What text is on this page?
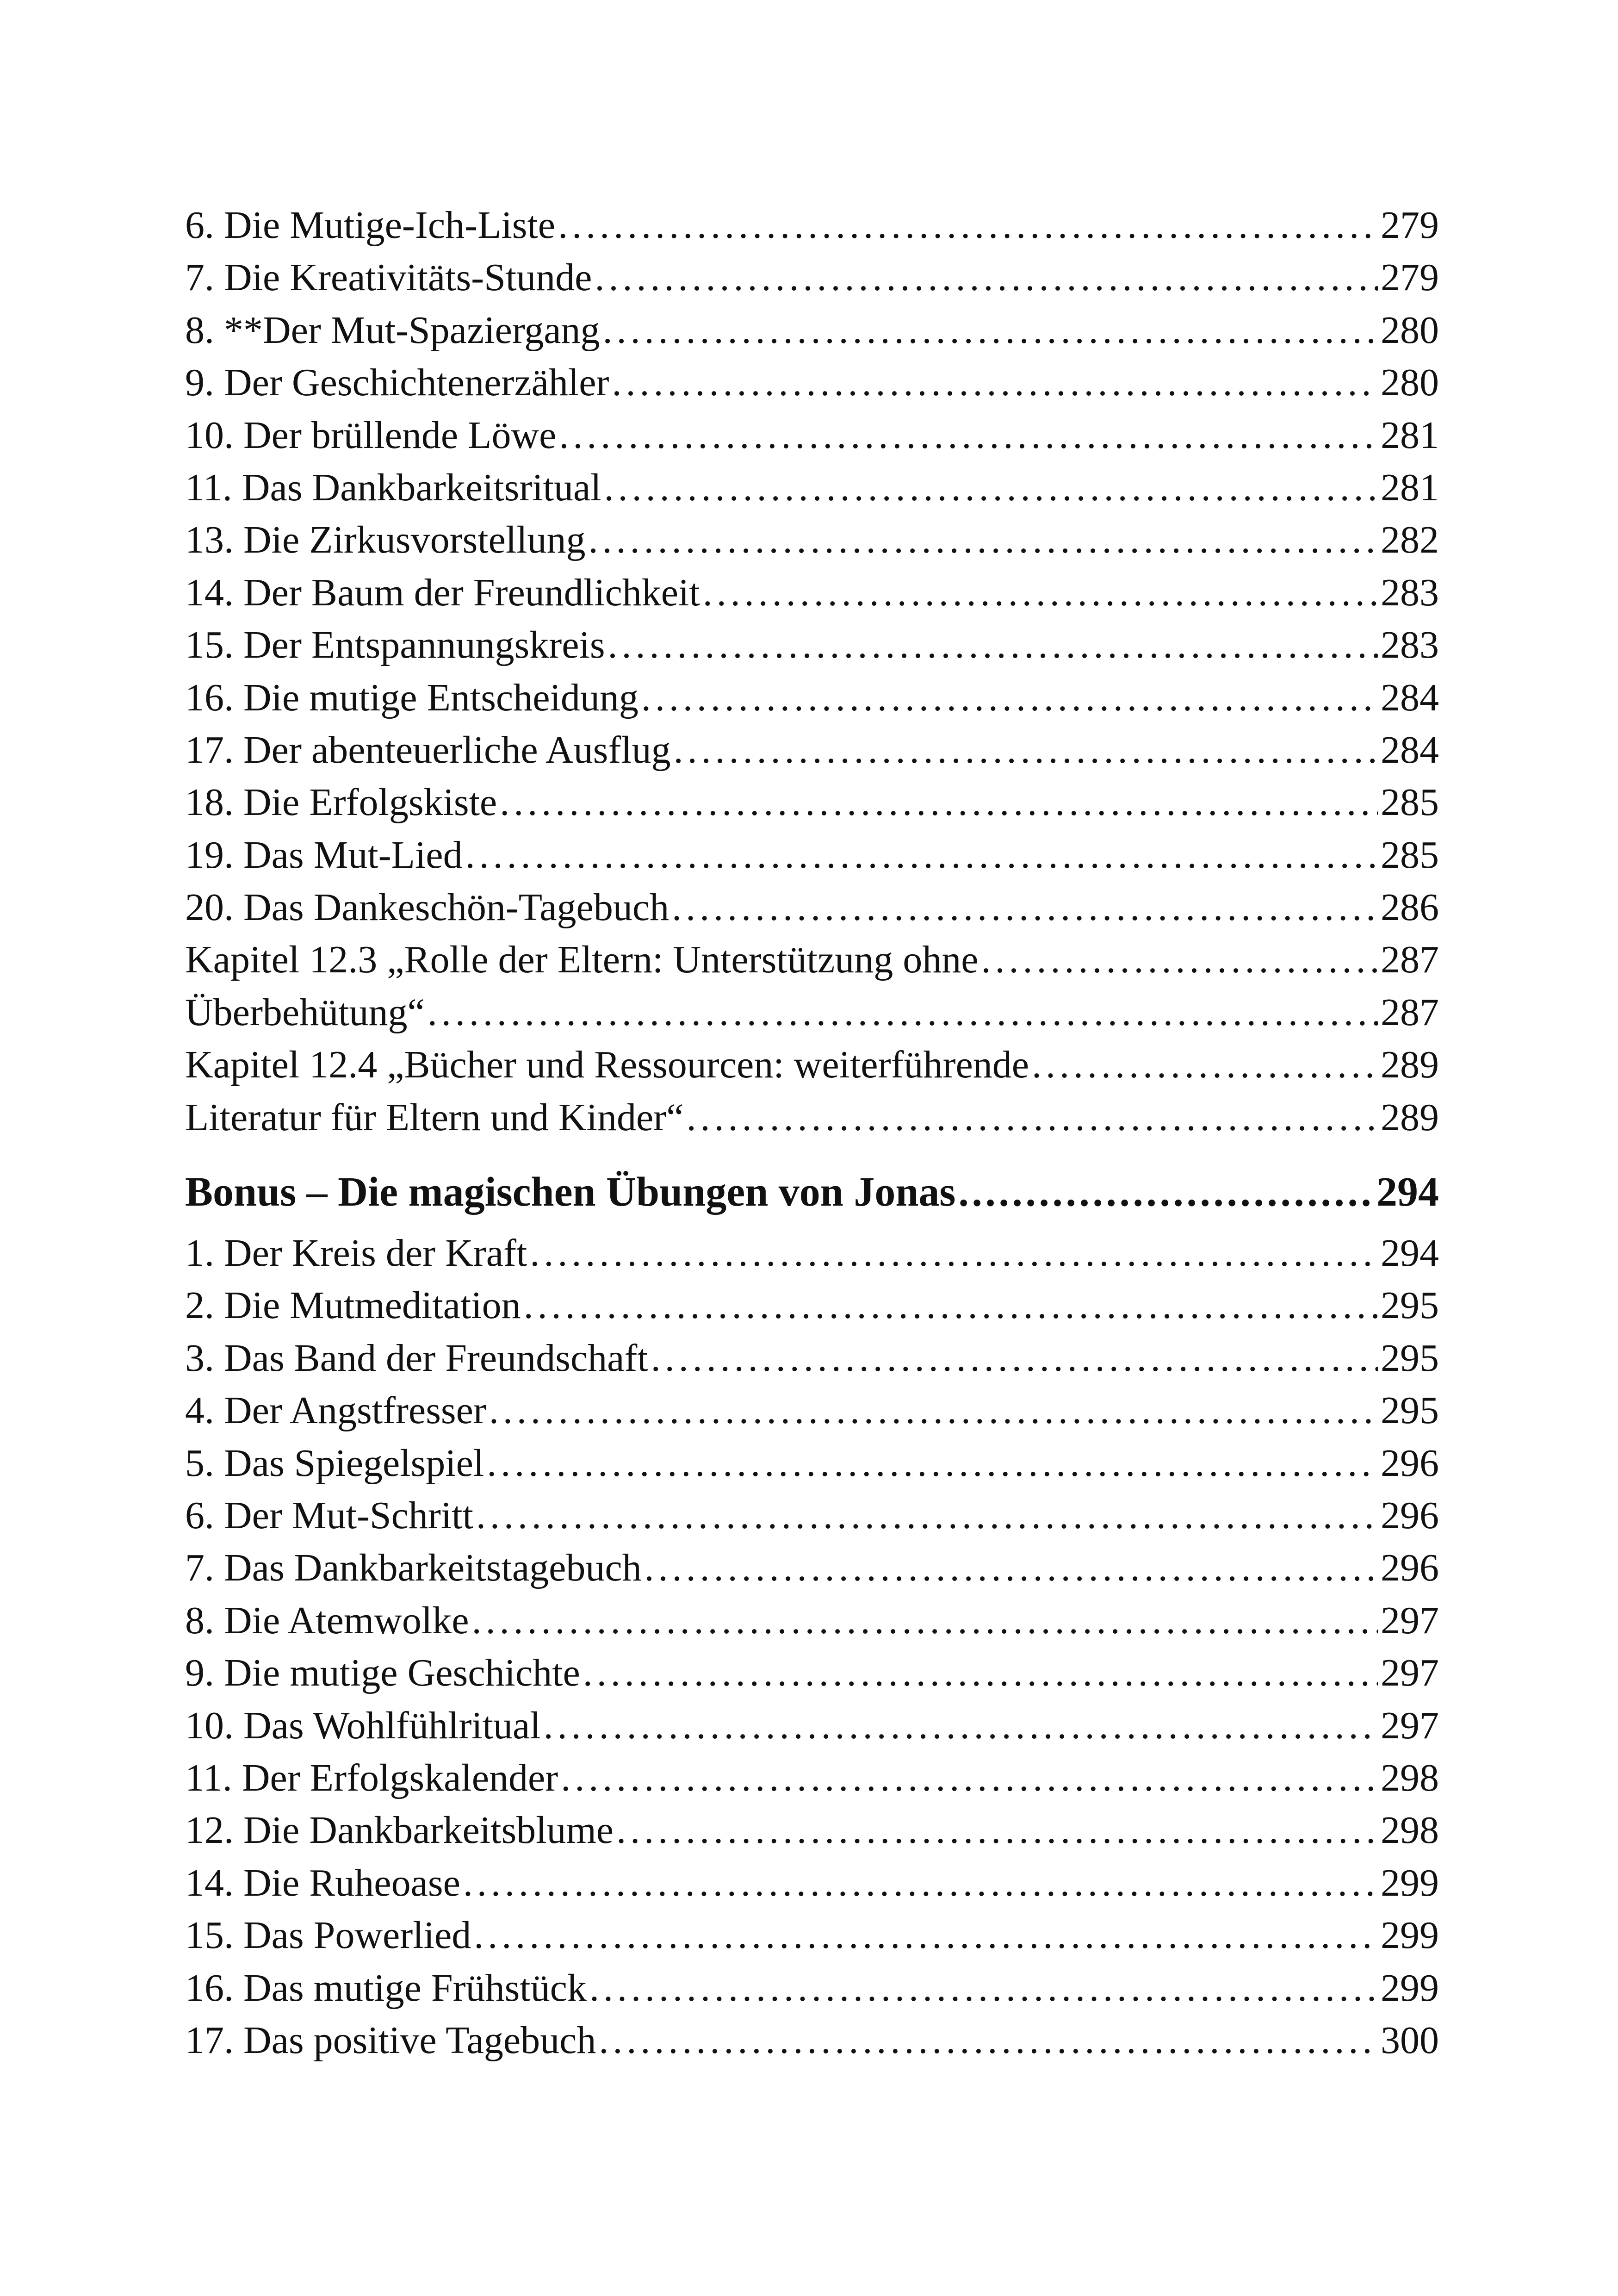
6. Die Mutige-Ich-Liste . . .	279
7. Die Kreativitäts-Stunde . . .	279
8. **Der Mut-Spaziergang . . .	280
9. Der Geschichtenerzähler . . .	280
10. Der brüllende Löwe . . .	281
11. Das Dankbarkeitsritual . . .	281
13. Die Zirkusvorstellung . . .	282
14. Der Baum der Freundlichkeit . . .	283
15. Der Entspannungskreis . . .	283
16. Die mutige Entscheidung . . .	284
17. Der abenteuerliche Ausflug . . .	284
18. Die Erfolgskiste . . .	285
19. Das Mut-Lied . . .	285
20. Das Dankeschön-Tagebuch . . .	286
Kapitel 12.3 „Rolle der Eltern: Unterstützung ohne . . .	287
Überbehütung“ . . .	287
Kapitel 12.4 „Bücher und Ressourcen: weiterführende . . .	289
Literatur für Eltern und Kinder“ . . .	289
Bonus – Die magischen Übungen von Jonas . . .	294
1. Der Kreis der Kraft . . .	294
2. Die Mutmeditation . . .	295
3. Das Band der Freundschaft . . .	295
4. Der Angstfresser . . .	295
5. Das Spiegelspiel . . .	296
6. Der Mut-Schritt . . .	296
7. Das Dankbarkeitstagebuch . . .	296
8. Die Atemwolke . . .	297
9. Die mutige Geschichte . . .	297
10. Das Wohlfühlritual . . .	297
11. Der Erfolgskalender . . .	298
12. Die Dankbarkeitsblume . . .	298
14. Die Ruheoase . . .	299
15. Das Powerlied . . .	299
16. Das mutige Frühstück . . .	299
17. Das positive Tagebuch . . .	300
